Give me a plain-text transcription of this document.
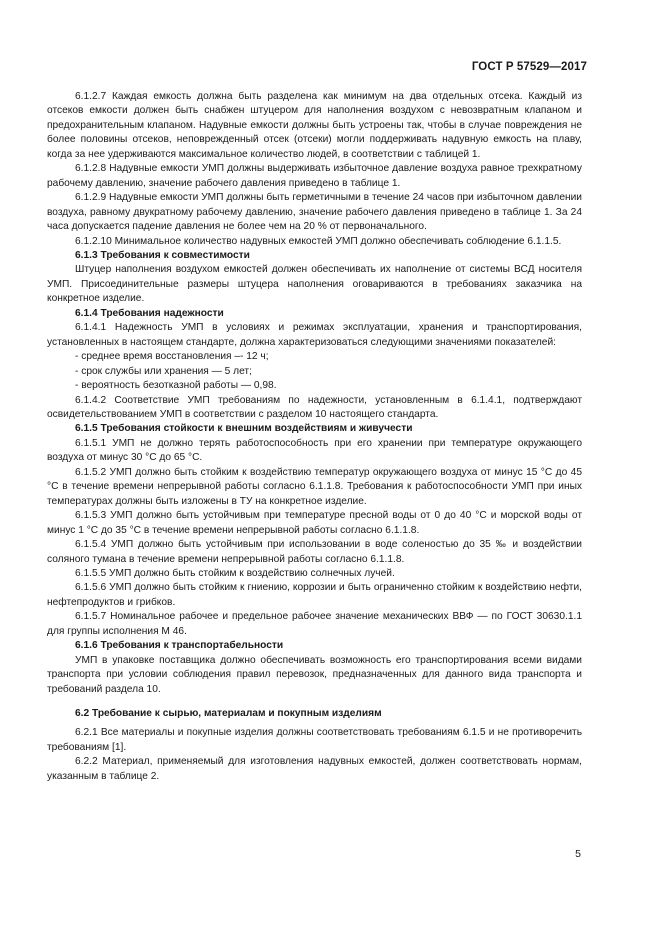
ГОСТ Р 57529—2017

6.1.2.7 Каждая емкость должна быть разделена как минимум на два отдельных отсека. Каждый из отсеков емкости должен быть снабжен штуцером для наполнения воздухом с невозвратным клапаном и предохранительным клапаном. Надувные емкости должны быть устроены так, чтобы в случае повреждения не более половины отсеков, неповрежденный отсек (отсеки) могли поддерживать надувную емкость на плаву, когда за нее удерживаются максимальное количество людей, в соответствии с таблицей 1.

6.1.2.8 Надувные емкости УМП должны выдерживать избыточное давление воздуха равное трехкратному рабочему давлению, значение рабочего давления приведено в таблице 1.

6.1.2.9 Надувные емкости УМП должны быть герметичными в течение 24 часов при избыточном давлении воздуха, равному двукратному рабочему давлению, значение рабочего давления приведено в таблице 1. За 24 часа допускается падение давления не более чем на 20 % от первоначального.

6.1.2.10 Минимальное количество надувных емкостей УМП должно обеспечивать соблюдение 6.1.1.5.

6.1.3 Требования к совместимости

Штуцер наполнения воздухом емкостей должен обеспечивать их наполнение от системы ВСД носителя УМП. Присоединительные размеры штуцера наполнения оговариваются в требованиях заказчика на конкретное изделие.

6.1.4 Требования надежности

6.1.4.1 Надежность УМП в условиях и режимах эксплуатации, хранения и транспортирования, установленных в настоящем стандарте, должна характеризоваться следующими значениями показателей:

- среднее время восстановления –- 12 ч;

- срок службы или хранения — 5 лет;

- вероятность безотказной работы — 0,98.

6.1.4.2 Соответствие УМП требованиям по надежности, установленным в 6.1.4.1, подтверждают освидетельствованием УМП в соответствии с разделом 10 настоящего стандарта.

6.1.5 Требования стойкости к внешним воздействиям и живучести

6.1.5.1 УМП не должно терять работоспособность при его хранении при температуре окружающего воздуха от минус 30 °С до 65 °С.

6.1.5.2 УМП должно быть стойким к воздействию температур окружающего воздуха от минус 15 °С до 45 °С в течение времени непрерывной работы согласно 6.1.1.8. Требования к работоспособности УМП при иных температурах должны быть изложены в ТУ на конкретное изделие.

6.1.5.3 УМП должно быть устойчивым при температуре пресной воды от 0 до 40 °С и морской воды от минус 1 °С до 35 °С в течение времени непрерывной работы согласно 6.1.1.8.

6.1.5.4 УМП должно быть устойчивым при использовании в воде соленостью до 35 ‰ и воздействии соляного тумана в течение времени непрерывной работы согласно 6.1.1.8.

6.1.5.5 УМП должно быть стойким к воздействию солнечных лучей.

6.1.5.6 УМП должно быть стойким к гниению, коррозии и быть ограниченно стойким к воздействию нефти, нефтепродуктов и грибков.

6.1.5.7 Номинальное рабочее и предельное рабочее значение механических ВВФ — по ГОСТ 30630.1.1 для группы исполнения М 46.

6.1.6 Требования к транспортабельности

УМП в упаковке поставщика должно обеспечивать возможность его транспортирования всеми видами транспорта при условии соблюдения правил перевозок, предназначенных для данного вида транспорта и требований раздела 10.

6.2 Требование к сырью, материалам и покупным изделиям

6.2.1 Все материалы и покупные изделия должны соответствовать требованиям 6.1.5 и не противоречить требованиям [1].

6.2.2 Материал, применяемый для изготовления надувных емкостей, должен соответствовать нормам, указанным в таблице 2.

5
